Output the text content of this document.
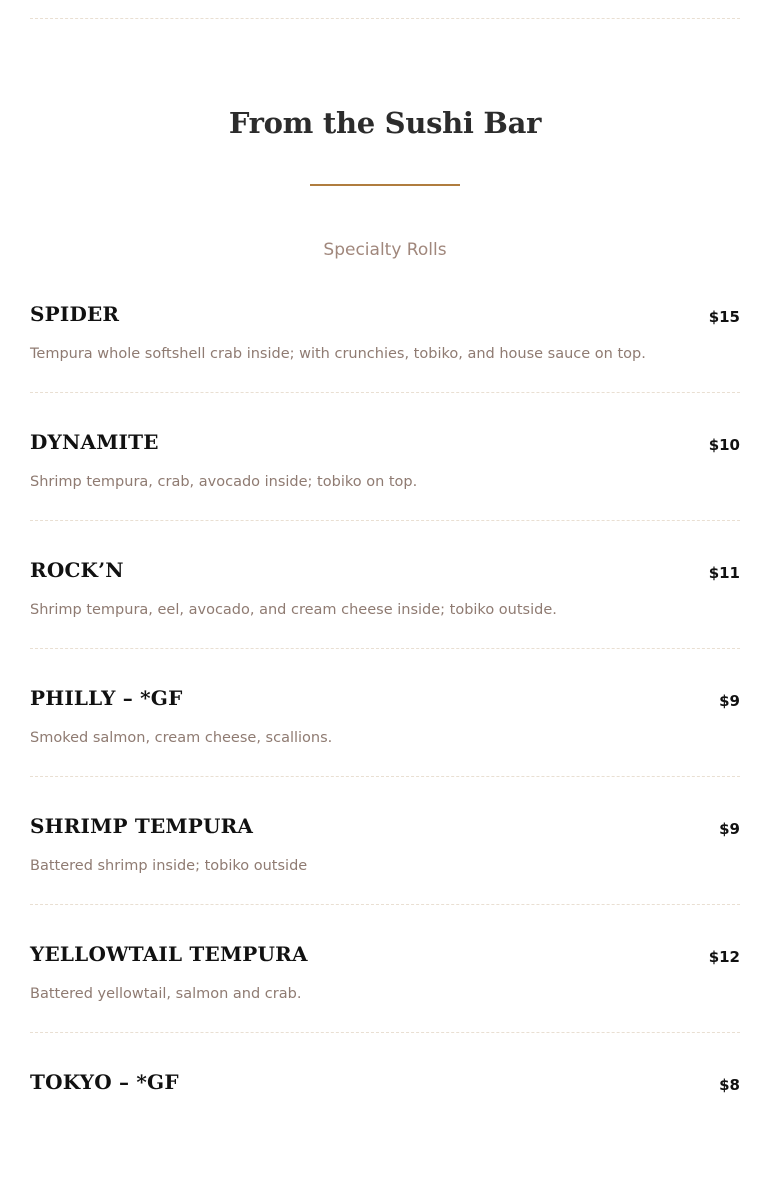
From the Sushi Bar
Specialty Rolls
SPIDER	$15
Tempura whole softshell crab inside; with crunchies, tobiko, and house sauce on top.
DYNAMITE	$10
Shrimp tempura, crab, avocado inside; tobiko on top.
ROCK’N	$11
Shrimp tempura, eel, avocado, and cream cheese inside; tobiko outside.
PHILLY – *GF	$9
Smoked salmon, cream cheese, scallions.
SHRIMP TEMPURA	$9
Battered shrimp inside; tobiko outside
YELLOWTAIL TEMPURA	$12
Battered yellowtail, salmon and crab.
TOKYO – *GF	$8
